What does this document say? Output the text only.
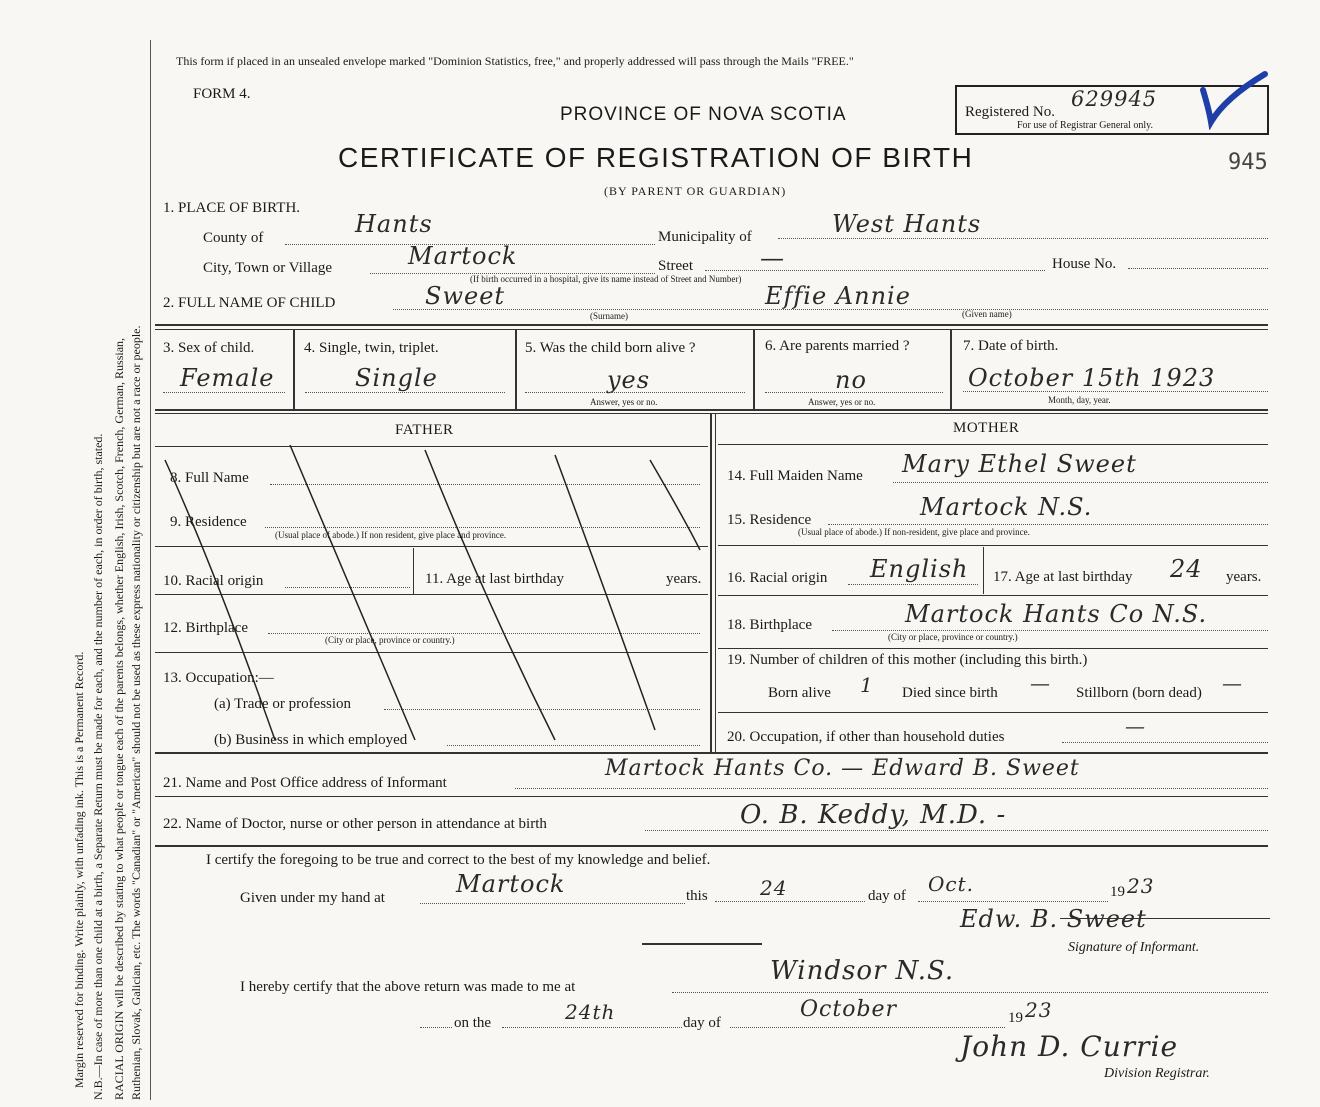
Margin reserved for binding. Write plainly, with unfading ink. This is a Permanent Record. N.B.—In case of more than one child at a birth, a Separate Return must be made for each, and the number of each, in order of birth, stated. RACIAL ORIGIN will be described by stating to what people or tongue each of the parents belongs, whether English, Irish, Scotch, French, German, Russian, Ruthenian, Slovak, Galician, etc. The words "Canadian" or "American" should not be used as these express nationality or citizenship but are not a race or people.
This form if placed in an unsealed envelope marked "Dominion Statistics, free," and properly addressed will pass through the Mails "FREE."
FORM 4.
PROVINCE OF NOVA SCOTIA
CERTIFICATE OF REGISTRATION OF BIRTH
(BY PARENT OR GUARDIAN)
Registered No.
629945
For use of Registrar General only.
945
1. PLACE OF BIRTH.
County of	Hants	Municipality of	West Hants
City, Town or Village	Martock	Street	—	House No.
(If birth occurred in a hospital, give its name instead of Street and Number)
2. FULL NAME OF CHILD	Sweet	Effie Annie
(Surname)	(Given name)
3. Sex of child.
Female
4. Single, twin, triplet.
Single
5. Was the child born alive ?
yes
Answer, yes or no.
6. Are parents married ?
no
Answer, yes or no.
7. Date of birth.
October 15th 1923
Month, day, year.
FATHER
8. Full Name
9. Residence
(Usual place of abode.) If non resident, give place and province.
10. Racial origin	11. Age at last birthday	years.
12. Birthplace
(City or place, province or country.)
13. Occupation:—
(a) Trade or profession
(b) Business in which employed
MOTHER
14. Full Maiden Name Mary Ethel Sweet
15. Residence	Martock N.S.
(Usual place of abode.) If non-resident, give place and province.
16. Racial origin English 17. Age at last birthday 24 years.
18. Birthplace	Martock Hants Co N.S.
(City or place, province or country.)
19. Number of children of this mother (including this birth.)
Born alive 1 Died since birth — Stillborn (born dead) —
20. Occupation, if other than household duties	—
21. Name and Post Office address of Informant
Martock Hants Co. — Edward B. Sweet
22. Name of Doctor, nurse or other person in attendance at birth	O. B. Keddy, M.D. -
I certify the foregoing to be true and correct to the best of my knowledge and belief.
Given under my hand at	Martock	this	24	day of Oct.	19 23
Edw. B. Sweet
Signature of Informant.
I hereby certify that the above return was made to me at
Windsor N.S.
on the	24th	day of
October	19 23
John D. Currie
Division Registrar.
